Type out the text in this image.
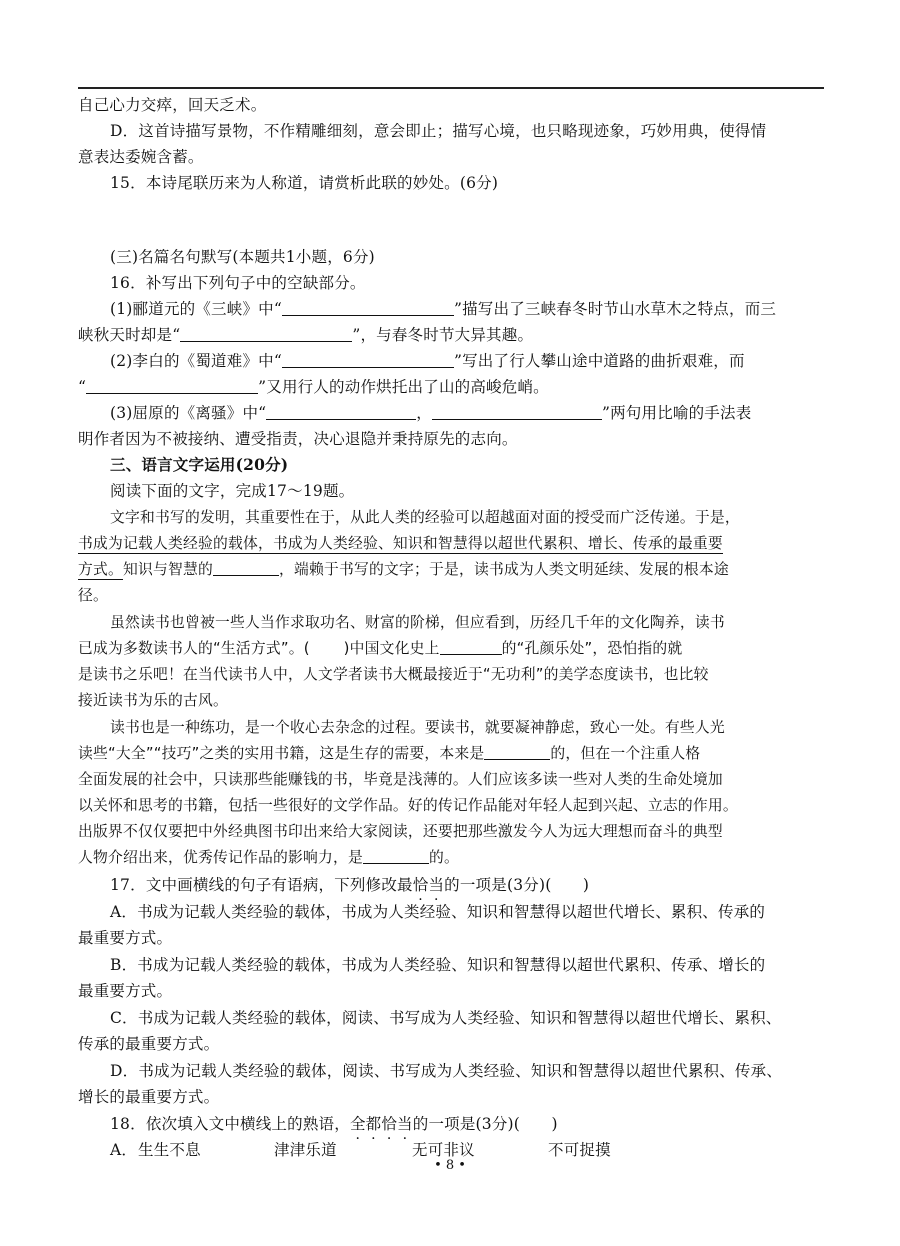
自己心力交瘁，回天乏术。
D．这首诗描写景物，不作精雕细刻，意会即止；描写心境，也只略现迹象，巧妙用典，使得情
意表达委婉含蓄。
15．本诗尾联历来为人称道，请赏析此联的妙处。(6分)
(三)名篇名句默写(本题共1小题，6分)
16．补写出下列句子中的空缺部分。
(1)郦道元的《三峡》中“	”描写出了三峡春冬时节山水草木之特点，而三
峡秋天时却是“	”，与春冬时节大异其趣。
(2)李白的《蜀道难》中“	”写出了行人攀山途中道路的曲折艰难，而
“	”又用行人的动作烘托出了山的高峻危峭。
(3)屈原的《离骚》中“	，	”两句用比喻的手法表
明作者因为不被接纳、遭受指责，决心退隐并秉持原先的志向。
三、语言文字运用(20分)
阅读下面的文字，完成17～19题。
文字和书写的发明，其重要性在于，从此人类的经验可以超越面对面的授受而广泛传递。于是，
书成为记载人类经验的载体，书成为人类经验、知识和智慧得以超世代累积、增长、传承的最重要
方式。知识与智慧的	，端赖于书写的文字；于是，读书成为人类文明延续、发展的根本途
径。
虽然读书也曾被一些人当作求取功名、财富的阶梯，但应看到，历经几千年的文化陶养，读书
已成为多数读书人的“生活方式”。( )中国文化史上	的“孔颜乐处”，恐怕指的就
是读书之乐吧！在当代读书人中，人文学者读书大概最接近于“无功利”的美学态度读书，也比较
接近读书为乐的古风。
读书也是一种练功，是一个收心去杂念的过程。要读书，就要凝神静虑，致心一处。有些人光
读些“大全”“技巧”之类的实用书籍，这是生存的需要，本来是	的，但在一个注重人格
全面发展的社会中，只读那些能赚钱的书，毕竟是浅薄的。人们应该多读一些对人类的生命处境加
以关怀和思考的书籍，包括一些很好的文学作品。好的传记作品能对年轻人起到兴起、立志的作用。
出版界不仅仅要把中外经典图书印出来给大家阅读，还要把那些激发今人为远大理想而奋斗的典型
人物介绍出来，优秀传记作品的影响力，是	的。
17．文中画横线的句子有语病，下列修改最恰当的一项是(3分)(　　)
A．书成为记载人类经验的载体，书成为人类经验、知识和智慧得以超世代增长、累积、传承的
最重要方式。
B．书成为记载人类经验的载体，书成为人类经验、知识和智慧得以超世代累积、传承、增长的
最重要方式。
C．书成为记载人类经验的载体，阅读、书写成为人类经验、知识和智慧得以超世代增长、累积、
传承的最重要方式。
D．书成为记载人类经验的载体，阅读、书写成为人类经验、知识和智慧得以超世代累积、传承、
增长的最重要方式。
18．依次填入文中横线上的熟语，全都恰当的一项是(3分)(　　)
A．生生不息	津津乐道	无可非议	不可捉摸
• 8 •
